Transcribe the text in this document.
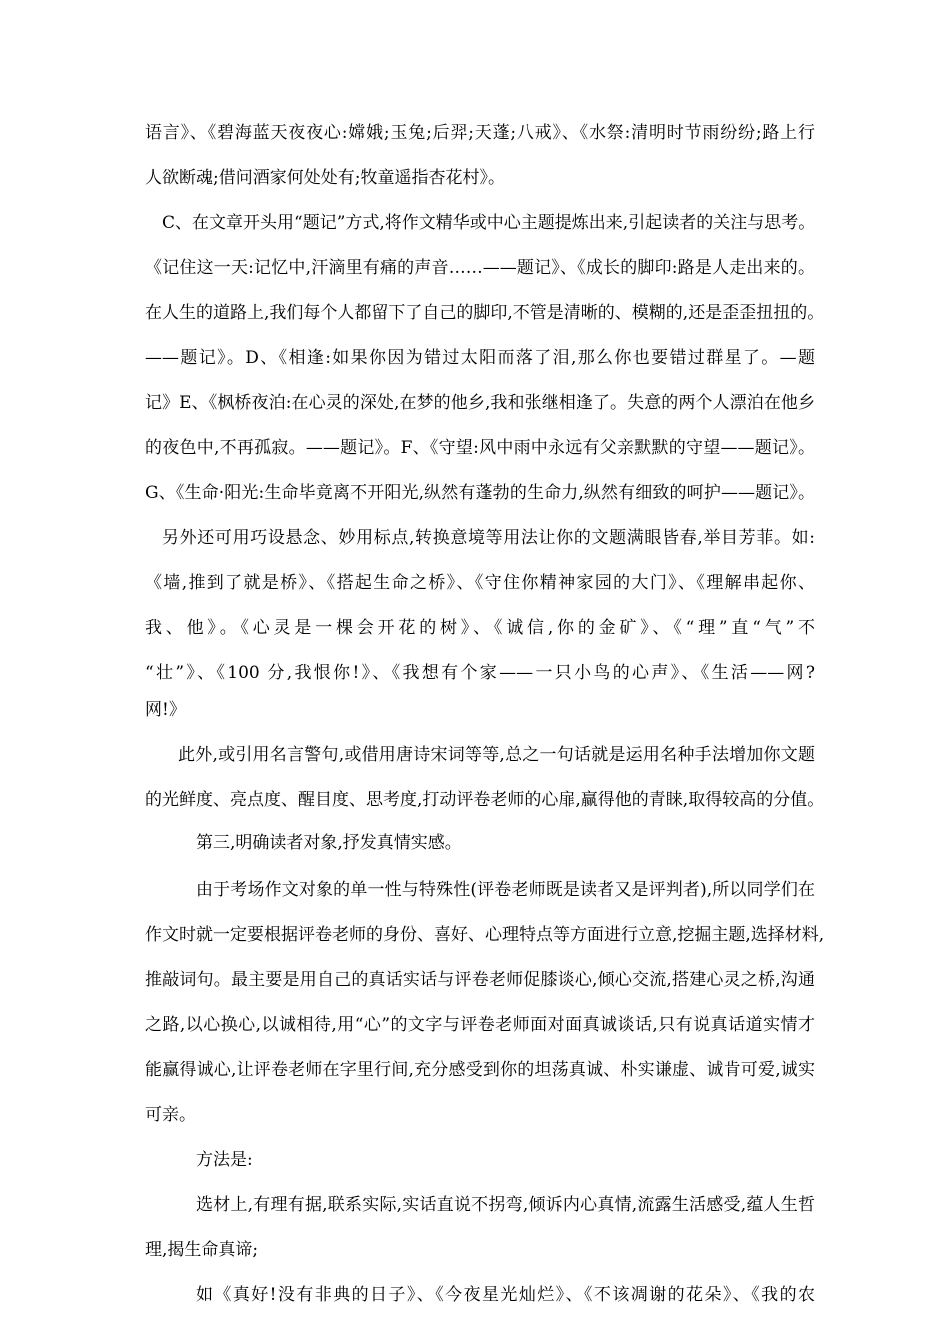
语言》、《碧海蓝天夜夜心:嫦娥;玉兔;后羿;天蓬;八戒》、《水祭:清明时节雨纷纷;路上行

人欲断魂;借问酒家何处处有;牧童遥指杏花村》。

C、在文章开头用“题记”方式,将作文精华或中心主题提炼出来,引起读者的关注与思考。

《记住这一天:记忆中,汗滴里有痛的声音……——题记》、《成长的脚印:路是人走出来的。

在人生的道路上,我们每个人都留下了自己的脚印,不管是清晰的、模糊的,还是歪歪扭扭的。

——题记》。D、《相逢:如果你因为错过太阳而落了泪,那么你也要错过群星了。—题

记》E、《枫桥夜泊:在心灵的深处,在梦的他乡,我和张继相逢了。失意的两个人漂泊在他乡

的夜色中,不再孤寂。——题记》。F、《守望:风中雨中永远有父亲默默的守望——题记》。

G、《生命·阳光:生命毕竟离不开阳光,纵然有蓬勃的生命力,纵然有细致的呵护——题记》。

另外还可用巧设悬念、妙用标点,转换意境等用法让你的文题满眼皆春,举目芳菲。如:

《墙,推到了就是桥》、《搭起生命之桥》、《守住你精神家园的大门》、《理解串起你、

我、他》。《心灵是一棵会开花的树》、《诚信,你的金矿》、《“理”直“气”不

“壮”》、《100 分,我恨你!》、《我想有个家——一只小鸟的心声》、《生活——网?

网!》

此外,或引用名言警句,或借用唐诗宋词等等,总之一句话就是运用名种手法增加你文题

的光鲜度、亮点度、醒目度、思考度,打动评卷老师的心扉,赢得他的青睐,取得较高的分值。

第三,明确读者对象,抒发真情实感。

由于考场作文对象的单一性与特殊性(评卷老师既是读者又是评判者),所以同学们在

作文时就一定要根据评卷老师的身份、喜好、心理特点等方面进行立意,挖掘主题,选择材料,

推敲词句。最主要是用自己的真话实话与评卷老师促膝谈心,倾心交流,搭建心灵之桥,沟通

之路,以心换心,以诚相待,用“心”的文字与评卷老师面对面真诚谈话,只有说真话道实情才

能赢得诚心,让评卷老师在字里行间,充分感受到你的坦荡真诚、朴实谦虚、诚肯可爱,诚实

可亲。

方法是:

选材上,有理有据,联系实际,实话直说不拐弯,倾诉内心真情,流露生活感受,蕴人生哲

理,揭生命真谛;

如《真好!没有非典的日子》、《今夜星光灿烂》、《不该凋谢的花朵》、《我的农
